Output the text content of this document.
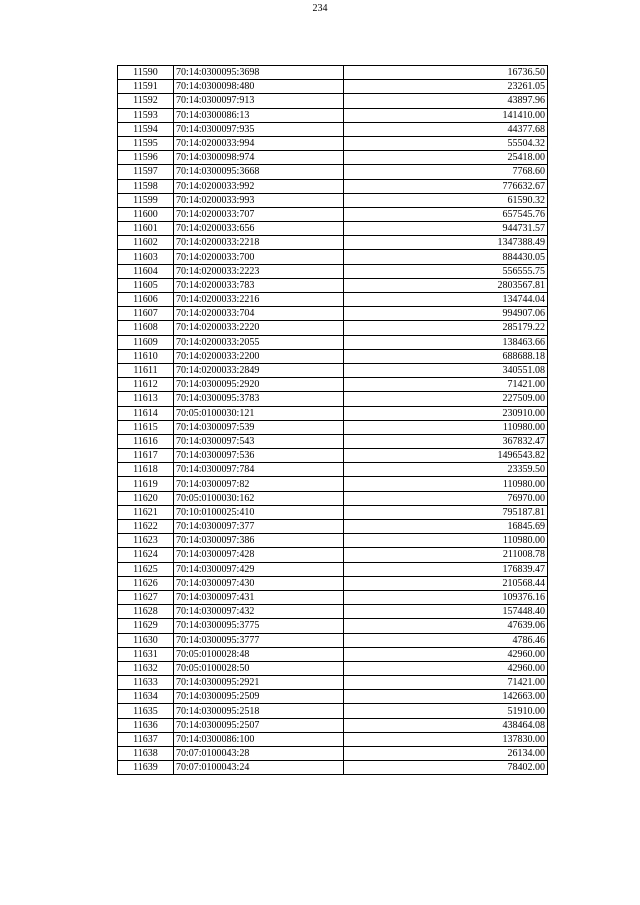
234
11590	70:14:0300095:3698	16736.50
11591	70:14:0300098:480	23261.05
11592	70:14:0300097:913	43897.96
11593	70:14:0300086:13	141410.00
11594	70:14:0300097:935	44377.68
11595	70:14:0200033:994	55504.32
11596	70:14:0300098:974	25418.00
11597	70:14:0300095:3668	7768.60
11598	70:14:0200033:992	776632.67
11599	70:14:0200033:993	61590.32
11600	70:14:0200033:707	657545.76
11601	70:14:0200033:656	944731.57
11602	70:14:0200033:2218	1347388.49
11603	70:14:0200033:700	884430.05
11604	70:14:0200033:2223	556555.75
11605	70:14:0200033:783	2803567.81
11606	70:14:0200033:2216	134744.04
11607	70:14:0200033:704	994907.06
11608	70:14:0200033:2220	285179.22
11609	70:14:0200033:2055	138463.66
11610	70:14:0200033:2200	688688.18
11611	70:14:0200033:2849	340551.08
11612	70:14:0300095:2920	71421.00
11613	70:14:0300095:3783	227509.00
11614	70:05:0100030:121	230910.00
11615	70:14:0300097:539	110980.00
11616	70:14:0300097:543	367832.47
11617	70:14:0300097:536	1496543.82
11618	70:14:0300097:784	23359.50
11619	70:14:0300097:82	110980.00
11620	70:05:0100030:162	76970.00
11621	70:10:0100025:410	795187.81
11622	70:14:0300097:377	16845.69
11623	70:14:0300097:386	110980.00
11624	70:14:0300097:428	211008.78
11625	70:14:0300097:429	176839.47
11626	70:14:0300097:430	210568.44
11627	70:14:0300097:431	109376.16
11628	70:14:0300097:432	157448.40
11629	70:14:0300095:3775	47639.06
11630	70:14:0300095:3777	4786.46
11631	70:05:0100028:48	42960.00
11632	70:05:0100028:50	42960.00
11633	70:14:0300095:2921	71421.00
11634	70:14:0300095:2509	142663.00
11635	70:14:0300095:2518	51910.00
11636	70:14:0300095:2507	438464.08
11637	70:14:0300086:100	137830.00
11638	70:07:0100043:28	26134.00
11639	70:07:0100043:24	78402.00
